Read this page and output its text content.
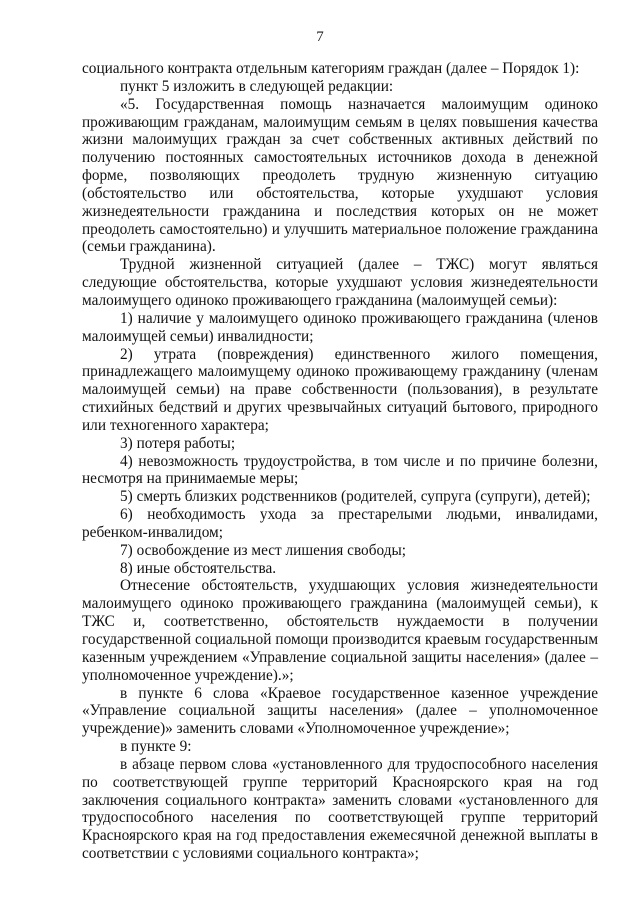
7

социального контракта отдельным категориям граждан (далее – Порядок 1):

пункт 5 изложить в следующей редакции:

«5. Государственная помощь назначается малоимущим одиноко проживающим гражданам, малоимущим семьям в целях повышения качества жизни малоимущих граждан за счет собственных активных действий по получению постоянных самостоятельных источников дохода в денежной форме, позволяющих преодолеть трудную жизненную ситуацию (обстоятельство или обстоятельства, которые ухудшают условия жизнедеятельности гражданина и последствия которых он не может преодолеть самостоятельно) и улучшить материальное положение гражданина (семьи гражданина).

Трудной жизненной ситуацией (далее – ТЖС) могут являться следующие обстоятельства, которые ухудшают условия жизнедеятельности малоимущего одиноко проживающего гражданина (малоимущей семьи):

1) наличие у малоимущего одиноко проживающего гражданина (членов малоимущей семьи) инвалидности;

2) утрата (повреждения) единственного жилого помещения, принадлежащего малоимущему одиноко проживающему гражданину (членам малоимущей семьи) на праве собственности (пользования), в результате стихийных бедствий и других чрезвычайных ситуаций бытового, природного или техногенного характера;

3) потеря работы;

4) невозможность трудоустройства, в том числе и по причине болезни, несмотря на принимаемые меры;

5) смерть близких родственников (родителей, супруга (супруги), детей);

6) необходимость ухода за престарелыми людьми, инвалидами, ребенком-инвалидом;

7) освобождение из мест лишения свободы;

8) иные обстоятельства.

Отнесение обстоятельств, ухудшающих условия жизнедеятельности малоимущего одиноко проживающего гражданина (малоимущей семьи), к ТЖС и, соответственно, обстоятельств нуждаемости в получении государственной социальной помощи производится краевым государственным казенным учреждением «Управление социальной защиты населения» (далее – уполномоченное учреждение).»;

в пункте 6 слова «Краевое государственное казенное учреждение «Управление социальной защиты населения» (далее – уполномоченное учреждение)» заменить словами «Уполномоченное учреждение»;

в пункте 9:

в абзаце первом слова «установленного для трудоспособного населения по соответствующей группе территорий Красноярского края на год заключения социального контракта» заменить словами «установленного для трудоспособного населения по соответствующей группе территорий Красноярского края на год предоставления ежемесячной денежной выплаты в соответствии с условиями социального контракта»;
